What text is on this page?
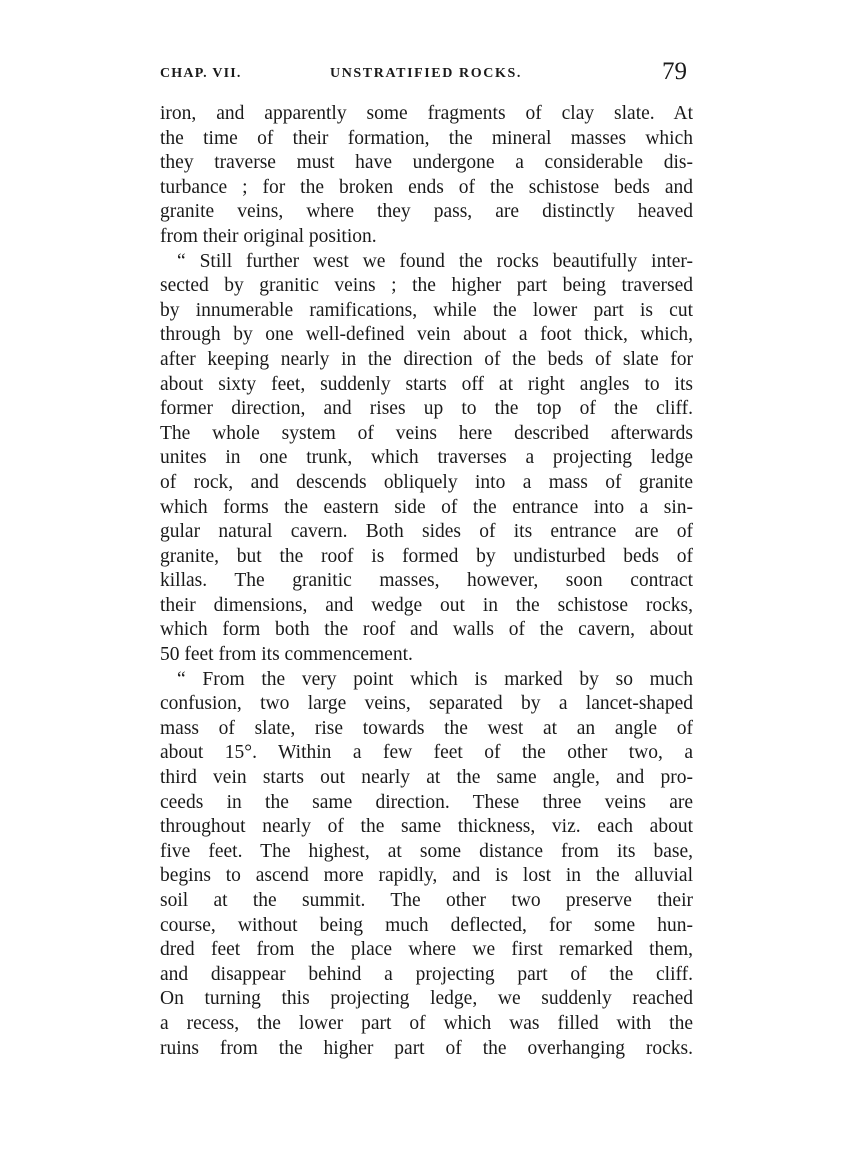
CHAP. VII.	UNSTRATIFIED ROCKS.	79
iron, and apparently some fragments of clay slate. At
the time of their formation, the mineral masses which
they traverse must have undergone a considerable dis-
turbance ; for the broken ends of the schistose beds and
granite veins, where they pass, are distinctly heaved
from their original position.
“ Still further west we found the rocks beautifully inter-
sected by granitic veins ; the higher part being traversed
by innumerable ramifications, while the lower part is cut
through by one well-defined vein about a foot thick, which,
after keeping nearly in the direction of the beds of slate for
about sixty feet, suddenly starts off at right angles to its
former direction, and rises up to the top of the cliff.
The whole system of veins here described afterwards
unites in one trunk, which traverses a projecting ledge
of rock, and descends obliquely into a mass of granite
which forms the eastern side of the entrance into a sin-
gular natural cavern. Both sides of its entrance are of
granite, but the roof is formed by undisturbed beds of
killas. The granitic masses, however, soon contract
their dimensions, and wedge out in the schistose rocks,
which form both the roof and walls of the cavern, about
50 feet from its commencement.
“ From the very point which is marked by so much
confusion, two large veins, separated by a lancet-shaped
mass of slate, rise towards the west at an angle of
about 15°. Within a few feet of the other two, a
third vein starts out nearly at the same angle, and pro-
ceeds in the same direction. These three veins are
throughout nearly of the same thickness, viz. each about
five feet. The highest, at some distance from its base,
begins to ascend more rapidly, and is lost in the alluvial
soil at the summit. The other two preserve their
course, without being much deflected, for some hun-
dred feet from the place where we first remarked them,
and disappear behind a projecting part of the cliff.
On turning this projecting ledge, we suddenly reached
a recess, the lower part of which was filled with the
ruins from the higher part of the overhanging rocks.
